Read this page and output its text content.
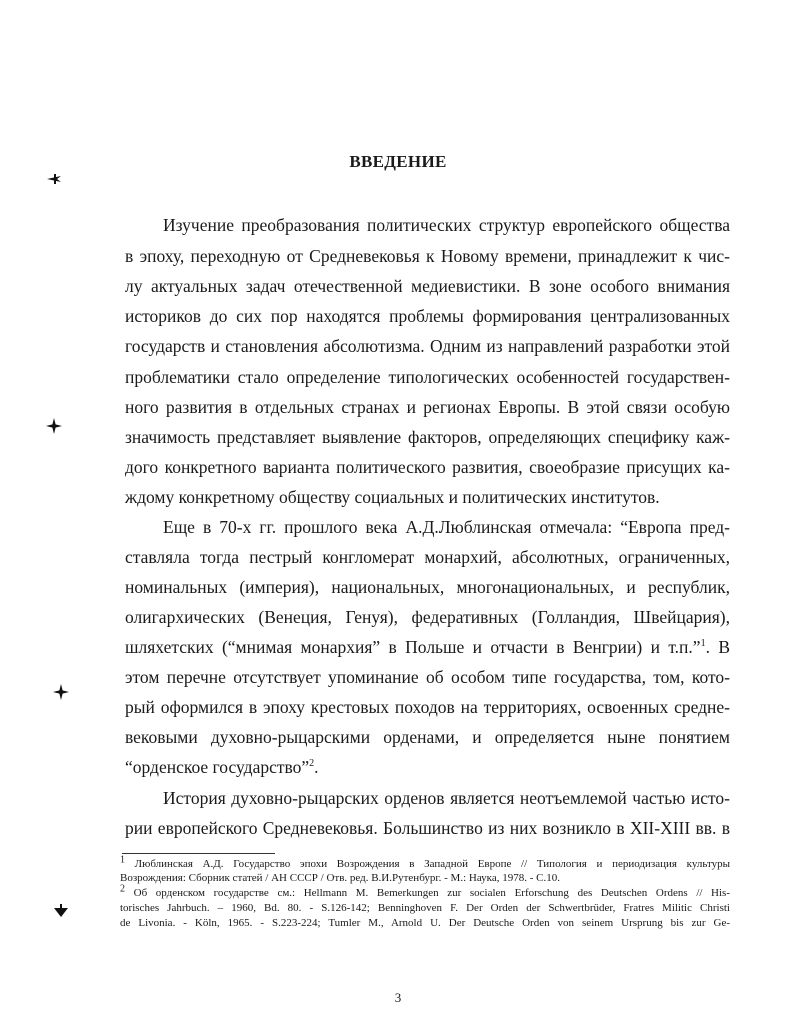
ВВЕДЕНИЕ
Изучение преобразования политических структур европейского общества
в эпоху, переходную от Средневековья к Новому времени, принадлежит к чис-
лу актуальных задач отечественной медиевистики. В зоне особого внимания
историков до сих пор находятся проблемы формирования централизованных
государств и становления абсолютизма. Одним из направлений разработки этой
проблематики стало определение типологических особенностей государствен-
ного развития в отдельных странах и регионах Европы. В этой связи особую
значимость представляет выявление факторов, определяющих специфику каж-
дого конкретного варианта политического развития, своеобразие присущих ка-
ждому конкретному обществу социальных и политических институтов.
Еще в 70-х гг. прошлого века А.Д.Люблинская отмечала: “Европа пред-
ставляла тогда пестрый конгломерат монархий, абсолютных, ограниченных,
номинальных (империя), национальных, многонациональных, и республик,
олигархических (Венеция, Генуя), федеративных (Голландия, Швейцария),
шляхетских (“мнимая монархия” в Польше и отчасти в Венгрии) и т.п.”$^1$. В
этом перечне отсутствует упоминание об особом типе государства, том, кото-
рый оформился в эпоху крестовых походов на территориях, освоенных средне-
вековыми духовно-рыцарскими орденами, и определяется ныне понятием
“орденское государство”$^2$.
История духовно-рыцарских орденов является неотъемлемой частью исто-
рии европейского Средневековья. Большинство из них возникло в XII-XIII вв. в
$^1$ Люблинская А.Д. Государство эпохи Возрождения в Западной Европе // Типология и периодизация культуры
Возрождения: Сборник статей / АН СССР / Отв. ред. В.И.Рутенбург. - М.: Наука, 1978. - С.10.
$^2$ Об орденском государстве см.: Hellmann M. Bemerkungen zur socialen Erforschung des Deutschen Ordens // His-
torisches Jahrbuch. – 1960, Bd. 80. - S.126-142; Benninghoven F. Der Orden der Schwertbrüder, Fratres Militic Christi
de Livonia. - Köln, 1965. - S.223-224; Tumler M., Arnold U. Der Deutsche Orden von seinem Ursprung bis zur Ge-
3
